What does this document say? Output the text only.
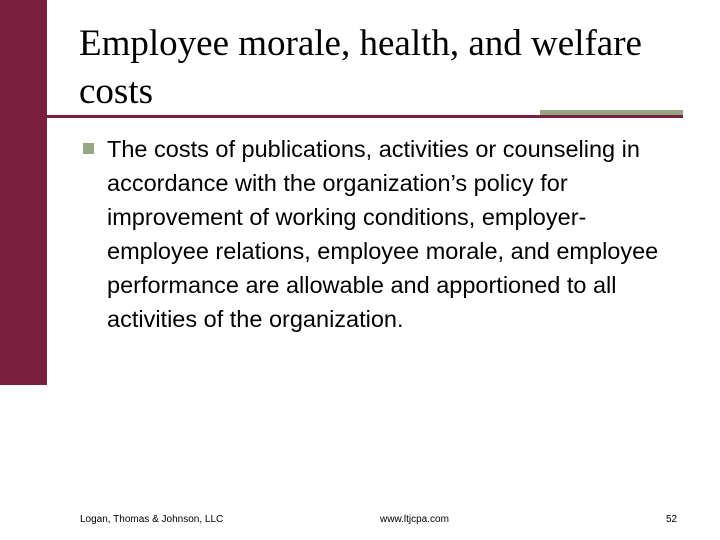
Employee morale, health, and welfare costs
The costs of publications, activities or counseling in accordance with the organization’s policy for improvement of working conditions, employer-employee relations, employee morale, and employee performance are allowable and apportioned to all activities of the organization.
Logan, Thomas & Johnson, LLC	www.ltjcpa.com	52
